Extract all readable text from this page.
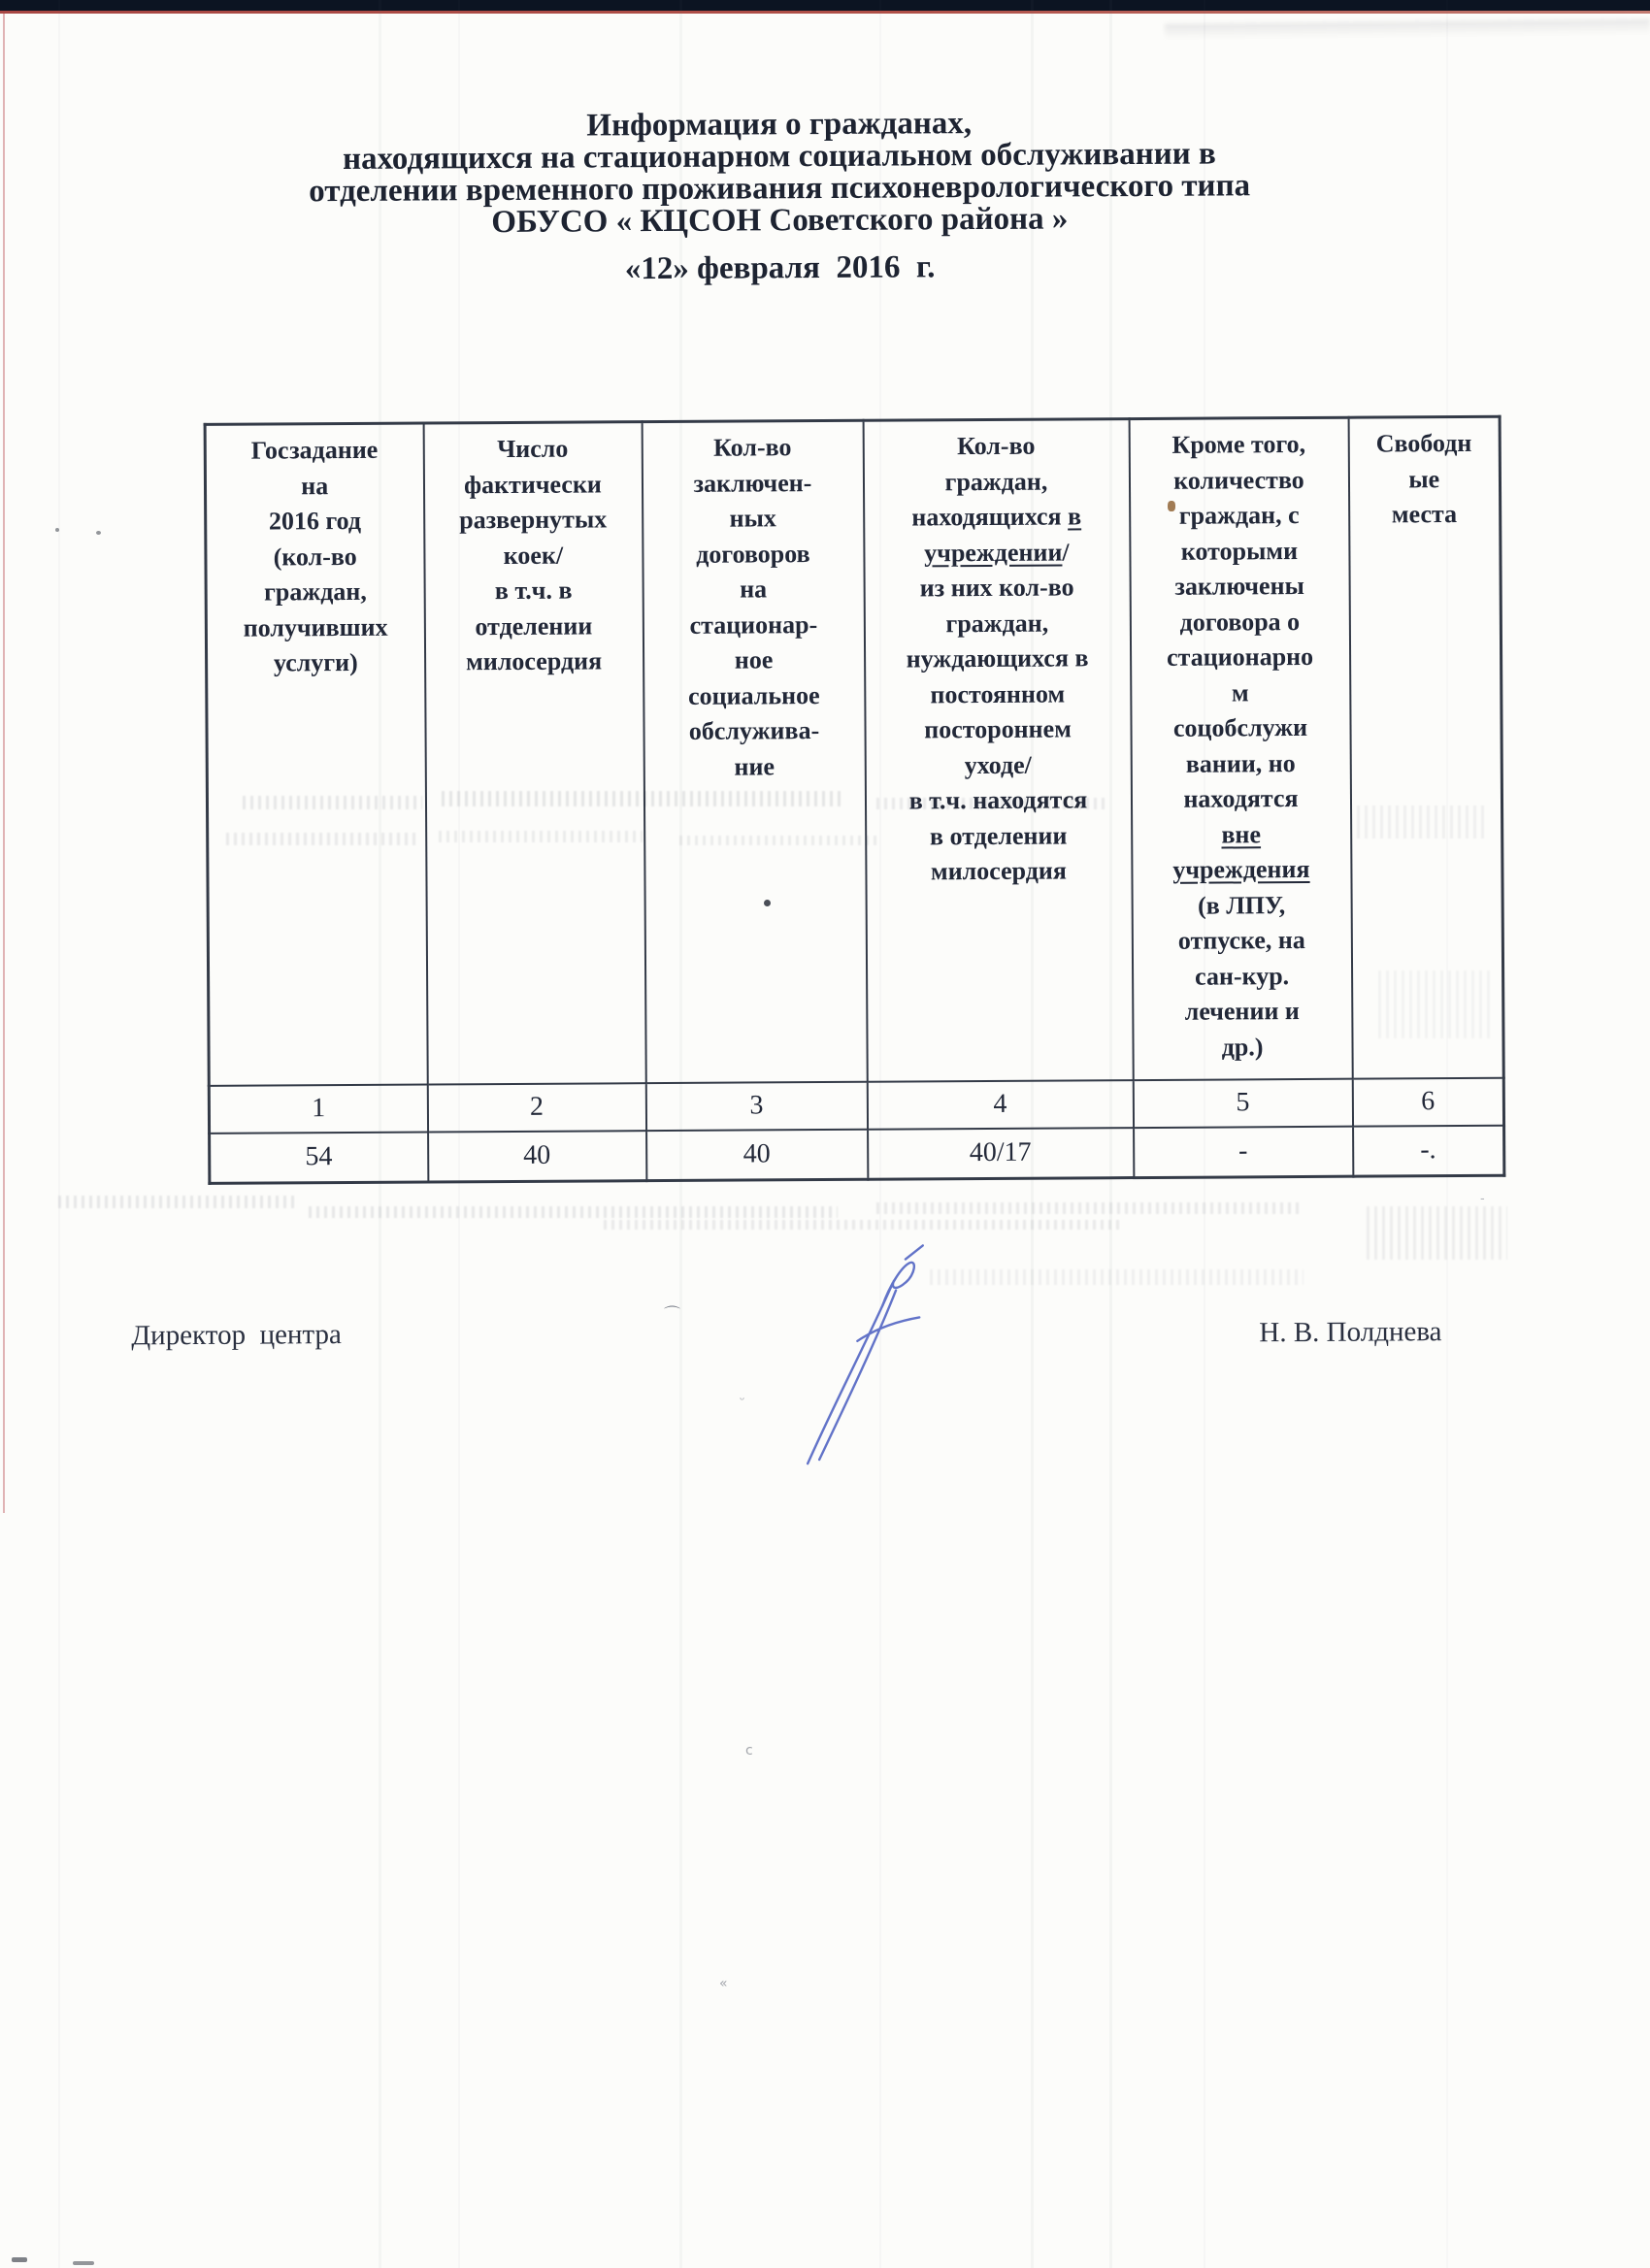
⌒
ᵕ
c
«
-
Информация о гражданах,
находящихся на стационарном социальном обслуживании в
отделении временного проживания психоневрологического типа
ОБУСО « КЦСОН Советского района »
«12» февраля  2016  г.
Госзадание
на
2016 год
(кол-во
граждан,
получивших
услуги)	Число
фактически
развернутых
коек/
в т.ч. в
отделении
милосердия	Кол-во
заключен-
ных
договоров
на
стационар-
ное
социальное
обслужива-
ние	Кол-во
граждан,
находящихся в
учреждении/
из них кол-во
граждан,
нуждающихся в
постоянном
постороннем
уходе/
в т.ч. находятся
в отделении
милосердия	Кроме того,
количество
граждан, с
которыми
заключены
договора о
стационарно
м
соцобслужи
вании, но
находятся
вне
учреждения
(в ЛПУ,
отпуске, на
сан-кур.
лечении и
др.)	Свободн
ые
места
1	2	3	4	5	6
54	40	40	40/17	-	-.
Директор  центра	Н. В. Полднева
